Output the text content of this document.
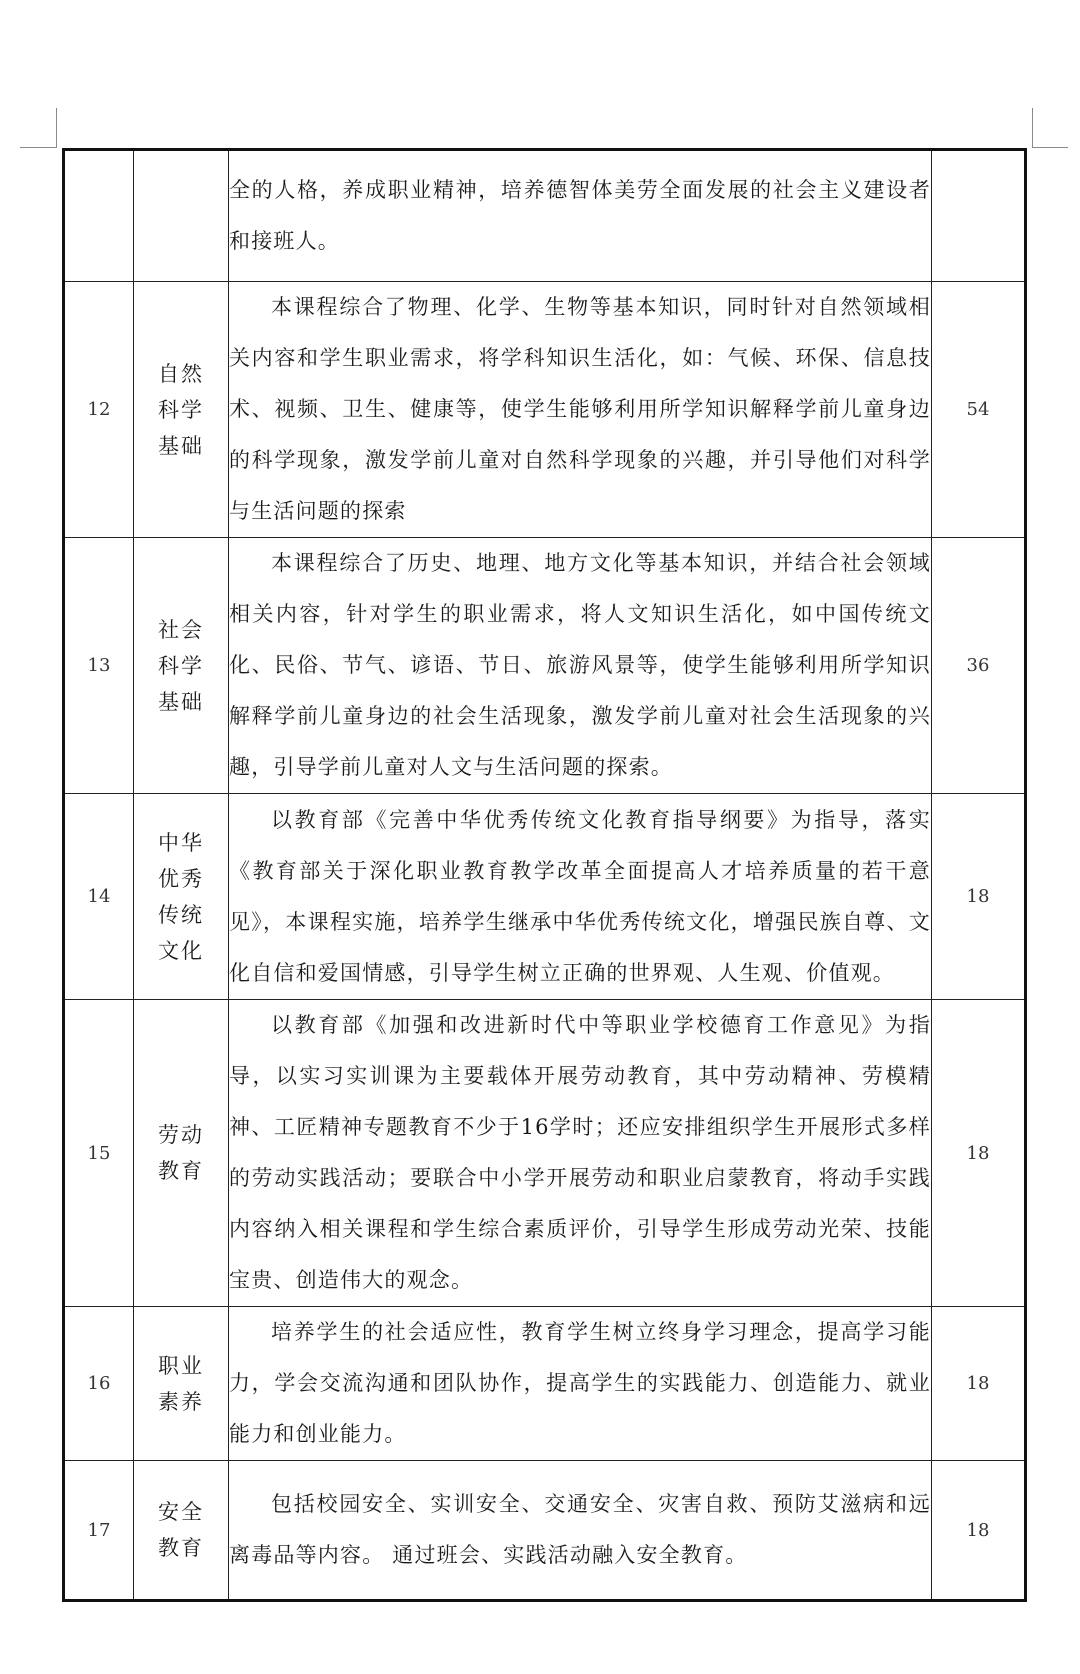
		全的人格，养成职业精神，培养德智体美劳全面发展的社会主义建设者和接班人。	
12	自然科学基础	本课程综合了物理、化学、生物等基本知识，同时针对自然领域相关内容和学生职业需求，将学科知识生活化，如：气候、环保、信息技术、视频、卫生、健康等，使学生能够利用所学知识解释学前儿童身边 的科学现象，激发学前儿童对自然科学现象的兴趣，并引导他们对科学与生活问题的探索	54
13	社会科学基础	本课程综合了历史、地理、地方文化等基本知识，并结合社会领域相关内容，针对学生的职业需求，将人文知识生活化，如中国传统文化、民俗、节气、谚语、节日、旅游风景等，使学生能够利用所学知识解释学前儿童身边的社会生活现象，激发学前儿童对社会生活现象的兴趣，引导学前儿童对人文与生活问题的探索。	36
14	中华优秀传统文化	以教育部《完善中华优秀传统文化教育指导纲要》为指导，落实《教育部关于深化职业教育教学改革全面提高人才培养质量的若干意见》，本课程实施，培养学生继承中华优秀传统文化，增强民族自尊、文化自信和爱国情感，引导学生树立正确的世界观、人生观、价值观。	18
15	劳动教育	以教育部《加强和改进新时代中等职业学校德育工作意见》为指导，以实习实训课为主要载体开展劳动教育，其中劳动精神、劳模精神、工匠精神专题教育不少于16学时；还应安排组织学生开展形式多样的劳动实践活动；要联合中小学开展劳动和职业启蒙教育，将动手实践内容纳入相关课程和学生综合素质评价，引导学生形成劳动光荣、技能宝贵、创造伟大的观念。	18
16	职业素养	培养学生的社会适应性，教育学生树立终身学习理念，提高学习能力，学会交流沟通和团队协作，提高学生的实践能力、创造能力、就业能力和创业能力。	18
17	安全教育	包括校园安全、实训安全、交通安全、灾害自救、预防艾滋病和远离毒品等内容。 通过班会、实践活动融入安全教育。	18
